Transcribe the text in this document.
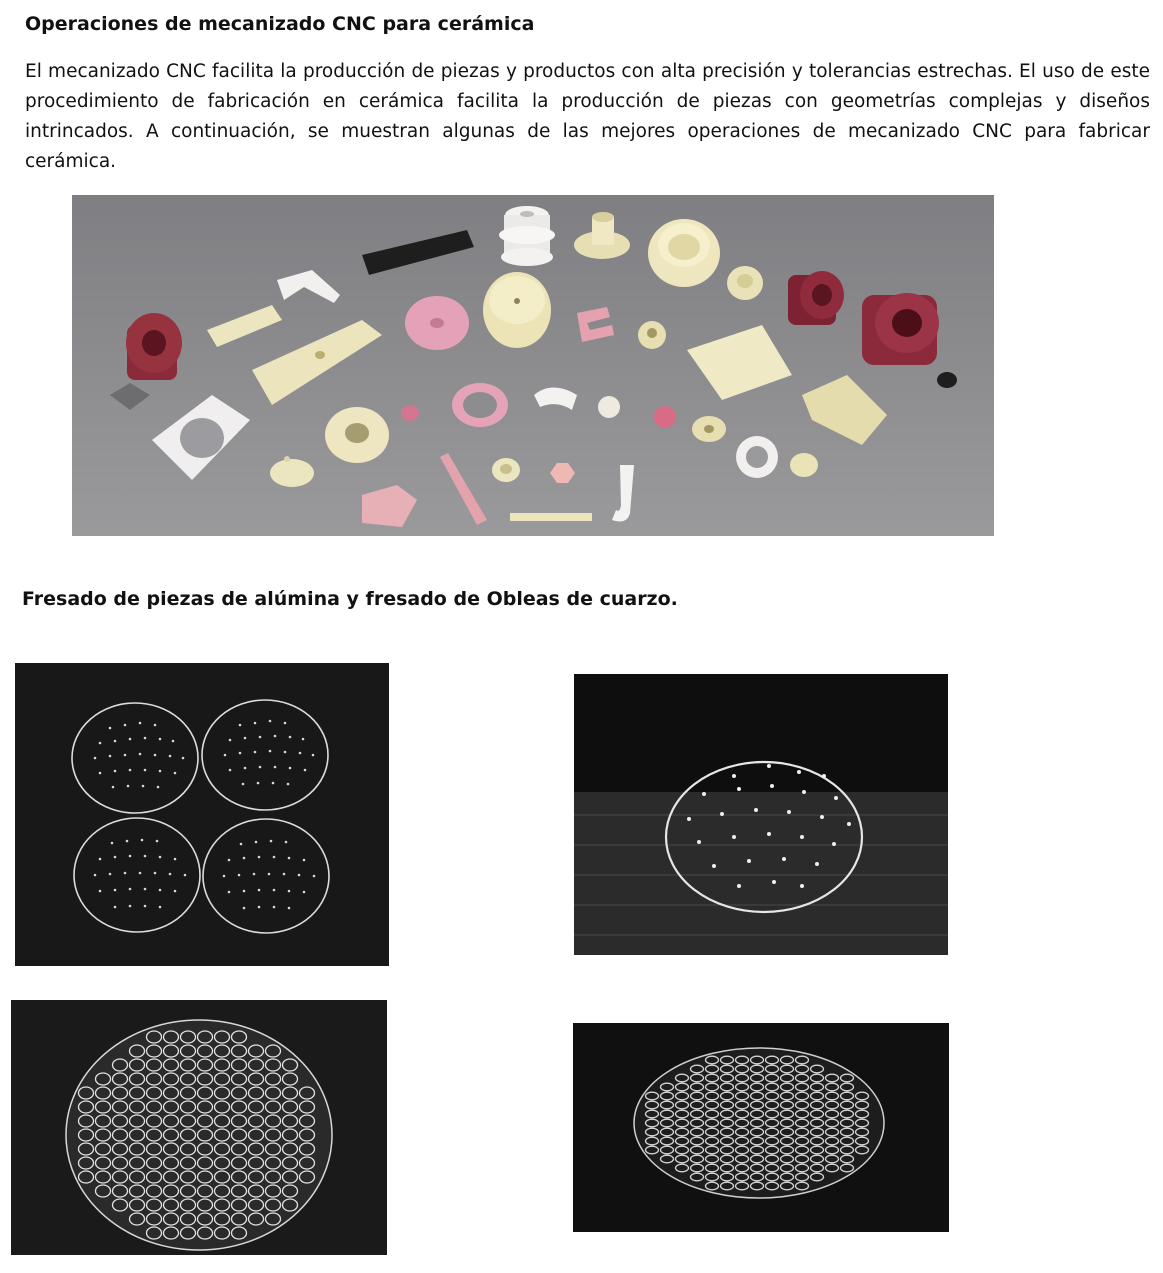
Operaciones de mecanizado CNC para cerámica

El mecanizado CNC facilita la producción de piezas y productos con alta precisión y tolerancias estrechas. El uso de este procedimiento de fabricación en cerámica facilita la producción de piezas con geometrías complejas y diseños intrincados. A continuación, se muestran algunas de las mejores operaciones de mecanizado CNC para fabricar cerámica.

Fresado de piezas de alúmina y fresado de Obleas de cuarzo.
